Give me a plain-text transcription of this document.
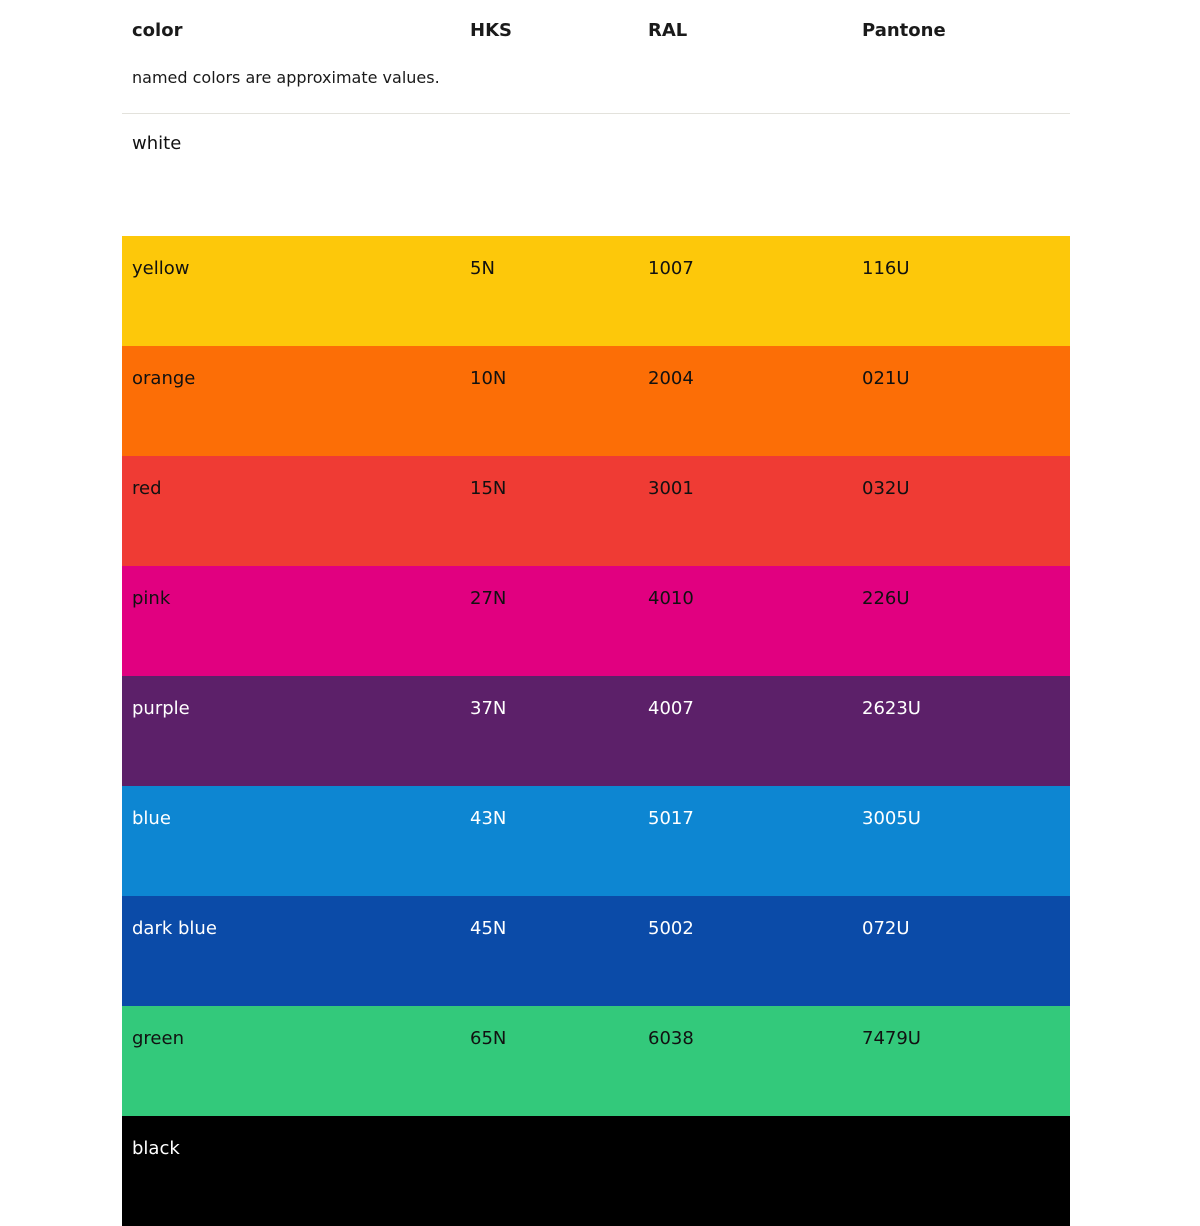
color	HKS	RAL	Pantone
named colors are approximate values.
white
yellow	5N	1007	116U
orange	10N	2004	021U
red	15N	3001	032U
pink	27N	4010	226U
purple	37N	4007	2623U
blue	43N	5017	3005U
dark blue	45N	5002	072U
green	65N	6038	7479U
black
